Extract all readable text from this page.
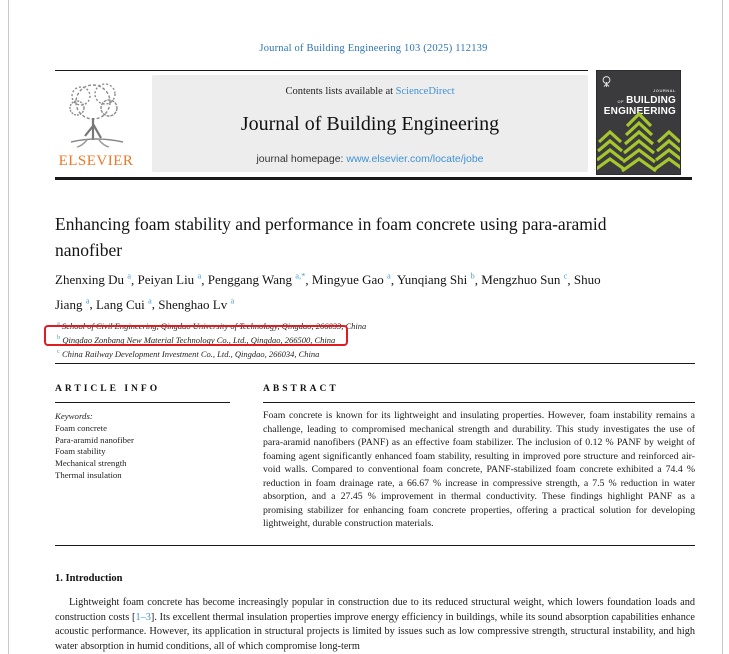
Journal of Building Engineering 103 (2025) 112139
ELSEVIER
Contents lists available at ScienceDirect
Journal of Building Engineering
journal homepage: www.elsevier.com/locate/jobe
JOURNAL OF BUILDING
ENGINEERING
Enhancing foam stability and performance in foam concrete using para-aramid nanofiber
Zhenxing Du $^a$, Peiyan Liu $^a$, Penggang Wang $^{a,*}$, Mingyue Gao $^a$, Yunqiang Shi $^b$, Mengzhuo Sun $^c$, Shuo Jiang $^a$, Lang Cui $^a$, Shenghao Lv $^a$
$^a$ School of Civil Engineering, Qingdao University of Technology, Qingdao, 266033, China
$^b$ Qingdao Zonbang New Material Technology Co., Ltd., Qingdao, 266500, China
$^c$ China Railway Development Investment Co., Ltd., Qingdao, 266034, China
ARTICLE INFO	ABSTRACT
Keywords:
Foam concrete
Para-aramid nanofiber
Foam stability
Mechanical strength
Thermal insulation
Foam concrete is known for its lightweight and insulating properties. However, foam instability remains a challenge, leading to compromised mechanical strength and durability. This study investigates the use of para-aramid nanofibers (PANF) as an effective foam stabilizer. The inclusion of 0.12 % PANF by weight of foaming agent significantly enhanced foam stability, resulting in improved pore structure and reinforced air-void walls. Compared to conventional foam concrete, PANF-stabilized foam concrete exhibited a 74.4 % reduction in foam drainage rate, a 66.67 % increase in compressive strength, a 7.5 % reduction in water absorption, and a 27.45 % improvement in thermal conductivity. These findings highlight PANF as a promising stabilizer for enhancing foam concrete properties, offering a practical solution for developing lightweight, durable construction materials.
1. Introduction
Lightweight foam concrete has become increasingly popular in construction due to its reduced structural weight, which lowers foundation loads and construction costs [1–3]. Its excellent thermal insulation properties improve energy efficiency in buildings, while its sound absorption capabilities enhance acoustic performance. However, its application in structural projects is limited by issues such as low compressive strength, structural instability, and high water absorption in humid conditions, all of which compromise long-term
